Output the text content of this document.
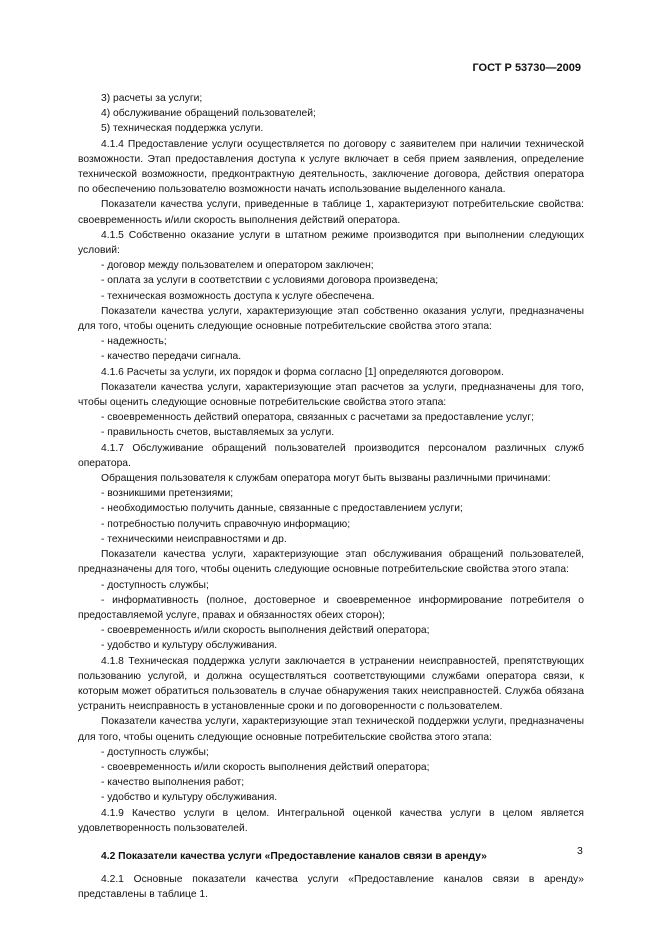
ГОСТ Р 53730—2009
3) расчеты за услуги;
4) обслуживание обращений пользователей;
5) техническая поддержка услуги.
4.1.4 Предоставление услуги осуществляется по договору с заявителем при наличии технической возможности. Этап предоставления доступа к услуге включает в себя прием заявления, определение технической возможности, предконтрактную деятельность, заключение договора, действия оператора по обеспечению пользователю возможности начать использование выделенного канала.
Показатели качества услуги, приведенные в таблице 1, характеризуют потребительские свойства: своевременность и/или скорость выполнения действий оператора.
4.1.5 Собственно оказание услуги в штатном режиме производится при выполнении следующих условий:
- договор между пользователем и оператором заключен;
- оплата за услуги в соответствии с условиями договора произведена;
- техническая возможность доступа к услуге обеспечена.
Показатели качества услуги, характеризующие этап собственно оказания услуги, предназначены для того, чтобы оценить следующие основные потребительские свойства этого этапа:
- надежность;
- качество передачи сигнала.
4.1.6 Расчеты за услуги, их порядок и форма согласно [1] определяются договором.
Показатели качества услуги, характеризующие этап расчетов за услуги, предназначены для того, чтобы оценить следующие основные потребительские свойства этого этапа:
- своевременность действий оператора, связанных с расчетами за предоставление услуг;
- правильность счетов, выставляемых за услуги.
4.1.7 Обслуживание обращений пользователей производится персоналом различных служб оператора.
Обращения пользователя к службам оператора могут быть вызваны различными причинами:
- возникшими претензиями;
- необходимостью получить данные, связанные с предоставлением услуги;
- потребностью получить справочную информацию;
- техническими неисправностями и др.
Показатели качества услуги, характеризующие этап обслуживания обращений пользователей, предназначены для того, чтобы оценить следующие основные потребительские свойства этого этапа:
- доступность службы;
- информативность (полное, достоверное и своевременное информирование потребителя о предоставляемой услуге, правах и обязанностях обеих сторон);
- своевременность и/или скорость выполнения действий оператора;
- удобство и культуру обслуживания.
4.1.8 Техническая поддержка услуги заключается в устранении неисправностей, препятствующих пользованию услугой, и должна осуществляться соответствующими службами оператора связи, к которым может обратиться пользователь в случае обнаружения таких неисправностей. Служба обязана устранить неисправность в установленные сроки и по договоренности с пользователем.
Показатели качества услуги, характеризующие этап технической поддержки услуги, предназначены для того, чтобы оценить следующие основные потребительские свойства этого этапа:
- доступность службы;
- своевременность и/или скорость выполнения действий оператора;
- качество выполнения работ;
- удобство и культуру обслуживания.
4.1.9 Качество услуги в целом. Интегральной оценкой качества услуги в целом является удовлетворенность пользователей.
4.2 Показатели качества услуги «Предоставление каналов связи в аренду»
4.2.1 Основные показатели качества услуги «Предоставление каналов связи в аренду» представлены в таблице 1.
3
